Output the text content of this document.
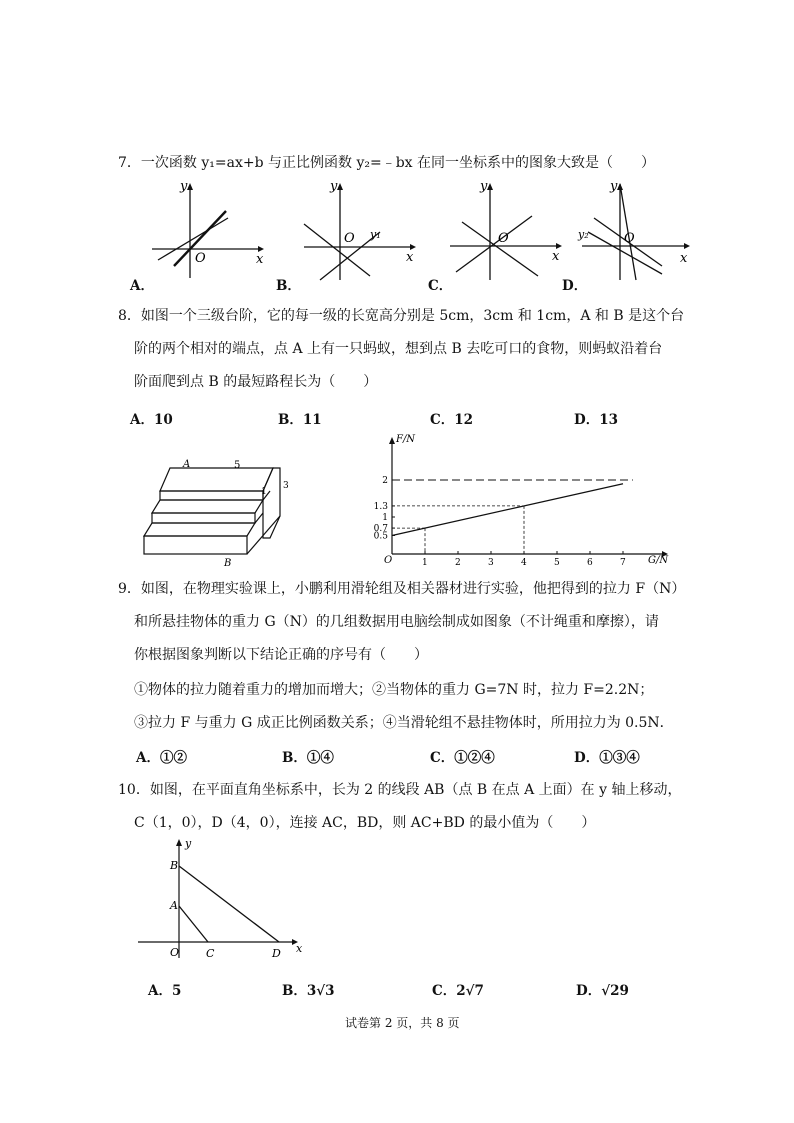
7．一次函数 y₁=ax+b 与正比例函数 y₂=﹣bx 在同一坐标系中的图象大致是（　　）
y
O	x
A．
y
O
x
y₁
B．
y
O
x
C．
y
O
x
y₂
D．
8．如图一个三级台阶，它的每一级的长宽高分别是 5cm，3cm 和 1cm，A 和 B 是这个台
阶的两个相对的端点，点 A 上有一只蚂蚁，想到点 B 去吃可口的食物，则蚂蚁沿着台
阶面爬到点 B 的最短路程长为（　　）
A．10	B．11	C．12	D．13
A	5
1
3
B
F/N
G/N
O	1	2	3	4	5	6	7
2
1.3
1
0.7
0.5
9．如图，在物理实验课上，小鹏利用滑轮组及相关器材进行实验，他把得到的拉力 F（N）
和所悬挂物体的重力 G（N）的几组数据用电脑绘制成如图象（不计绳重和摩擦），请
你根据图象判断以下结论正确的序号有（　　）
①物体的拉力随着重力的增加而增大；②当物体的重力 G=7N 时，拉力 F=2.2N；
③拉力 F 与重力 G 成正比例函数关系；④当滑轮组不悬挂物体时，所用拉力为 0.5N．
A．①②	B．①④	C．①②④	D．①③④
10．如图，在平面直角坐标系中，长为 2 的线段 AB（点 B 在点 A 上面）在 y 轴上移动，
C（1，0），D（4，0），连接 AC，BD，则 AC+BD 的最小值为（　　）
y
x
O
B
A
C	D
A．5	B．3√3	C．2√7	D．√29
试卷第 2 页，共 8 页
